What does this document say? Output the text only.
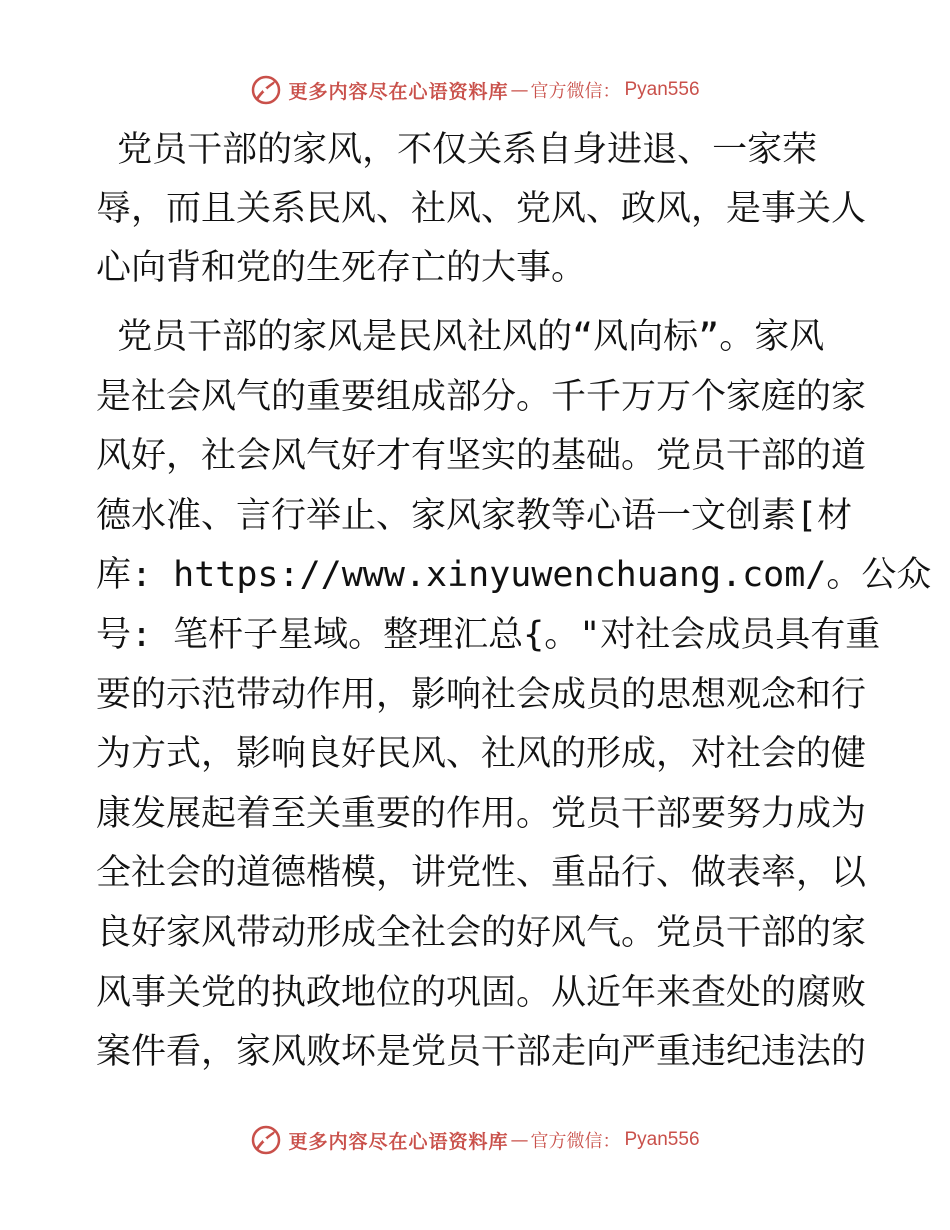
更多内容尽在心语资料库 — 官方微信： Pyan556
党员干部的家风，不仅关系自身进退、一家荣
辱，而且关系民风、社风、党风、政风，是事关人
心向背和党的生死存亡的大事。
党员干部的家风是民风社风的“风向标”。家风
是社会风气的重要组成部分。千千万万个家庭的家
风好，社会风气好才有坚实的基础。党员干部的道
德水准、言行举止、家风家教等心语一文创素[材
库: https://www.xinyuwenchuang.com/。公众
号: 笔杆子星域。整理汇总{。"对社会成员具有重
要的示范带动作用，影响社会成员的思想观念和行
为方式，影响良好民风、社风的形成，对社会的健
康发展起着至关重要的作用。党员干部要努力成为
全社会的道德楷模，讲党性、重品行、做表率，以
良好家风带动形成全社会的好风气。党员干部的家
风事关党的执政地位的巩固。从近年来查处的腐败
案件看，家风败坏是党员干部走向严重违纪违法的
更多内容尽在心语资料库 — 官方微信： Pyan556
